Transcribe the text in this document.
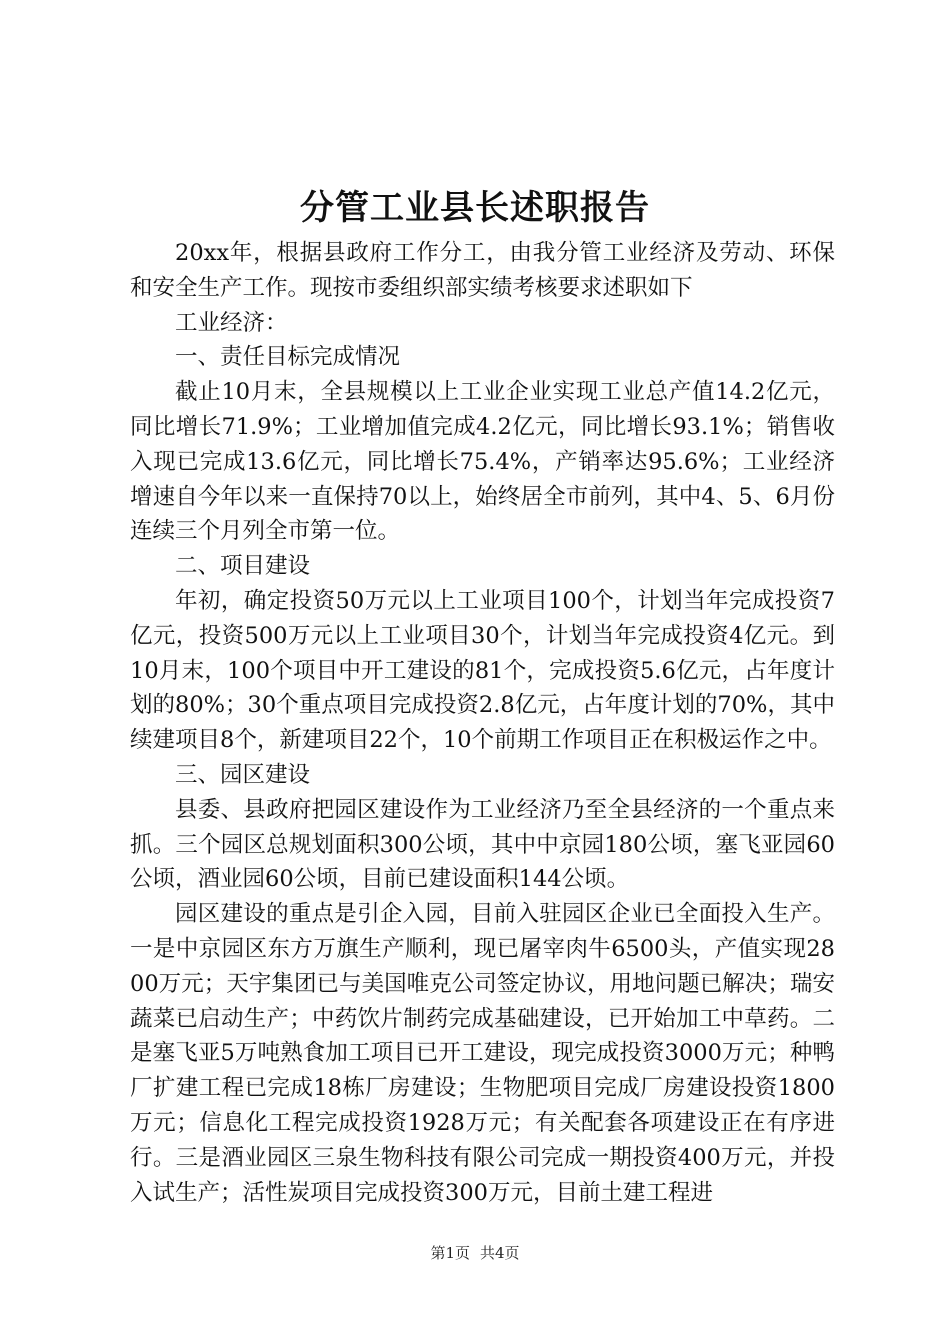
分管工业县长述职报告

20xx年，根据县政府工作分工，由我分管工业经济及劳动、环保和安全生产工作。现按市委组织部实绩考核要求述职如下

工业经济：

一、责任目标完成情况

截止10月末，全县规模以上工业企业实现工业总产值14.2亿元，同比增长71.9%；工业增加值完成4.2亿元，同比增长93.1%；销售收入现已完成13.6亿元，同比增长75.4%，产销率达95.6%；工业经济增速自今年以来一直保持70以上，始终居全市前列，其中4、5、6月份连续三个月列全市第一位。

二、项目建设

年初，确定投资50万元以上工业项目100个，计划当年完成投资7亿元，投资500万元以上工业项目30个，计划当年完成投资4亿元。到10月末，100个项目中开工建设的81个，完成投资5.6亿元，占年度计划的80%；30个重点项目完成投资2.8亿元，占年度计划的70%，其中续建项目8个，新建项目22个，10个前期工作项目正在积极运作之中。

三、园区建设

县委、县政府把园区建设作为工业经济乃至全县经济的一个重点来抓。三个园区总规划面积300公顷，其中中京园180公顷，塞飞亚园60公顷，酒业园60公顷，目前已建设面积144公顷。

园区建设的重点是引企入园，目前入驻园区企业已全面投入生产。一是中京园区东方万旗生产顺利，现已屠宰肉牛6500头，产值实现2800万元；天宇集团已与美国唯克公司签定协议，用地问题已解决；瑞安蔬菜已启动生产；中药饮片制药完成基础建设，已开始加工中草药。二是塞飞亚5万吨熟食加工项目已开工建设，现完成投资3000万元；种鸭厂扩建工程已完成18栋厂房建设；生物肥项目完成厂房建设投资1800万元；信息化工程完成投资1928万元；有关配套各项建设正在有序进行。三是酒业园区三泉生物科技有限公司完成一期投资400万元，并投入试生产；活性炭项目完成投资300万元，目前土建工程进

第1页 共4页
